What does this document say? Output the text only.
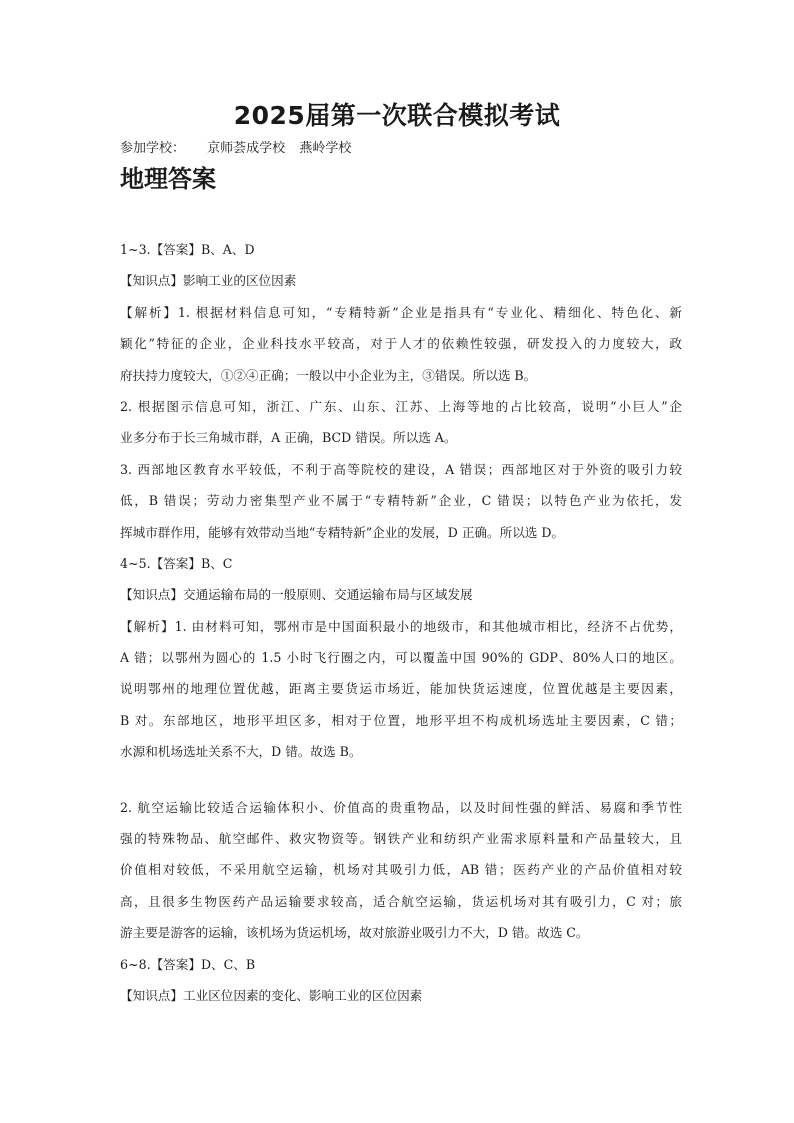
2025届第一次联合模拟考试
参加学校： 京师荟成学校 燕岭学校
地理答案
1~3.【答案】B、A、D
【知识点】影响工业的区位因素
【解析】1. 根据材料信息可知，“专精特新”企业是指具有“专业化、精细化、特色化、新
颖化”特征的企业，企业科技水平较高，对于人才的依赖性较强，研发投入的力度较大，政
府扶持力度较大，①②④正确；一般以中小企业为主，③错误。所以选 B。
2. 根据图示信息可知，浙江、广东、山东、江苏、上海等地的占比较高，说明“小巨人”企
业多分布于长三角城市群，A 正确，BCD 错误。所以选 A。
3. 西部地区教育水平较低，不利于高等院校的建设，A 错误；西部地区对于外资的吸引力较
低，B 错误；劳动力密集型产业不属于“专精特新”企业，C 错误；以特色产业为依托，发
挥城市群作用，能够有效带动当地“专精特新”企业的发展，D 正确。所以选 D。
4~5.【答案】B、C
【知识点】交通运输布局的一般原则、交通运输布局与区域发展
【解析】1. 由材料可知，鄂州市是中国面积最小的地级市，和其他城市相比，经济不占优势，
A 错；以鄂州为圆心的 1.5 小时飞行圈之内，可以覆盖中国 90%的 GDP、80%人口的地区。
说明鄂州的地理位置优越，距离主要货运市场近，能加快货运速度，位置优越是主要因素，
B 对。东部地区，地形平坦区多，相对于位置，地形平坦不构成机场选址主要因素，C 错；
水源和机场选址关系不大，D 错。故选 B。
2. 航空运输比较适合运输体积小、价值高的贵重物品，以及时间性强的鲜活、易腐和季节性
强的特殊物品、航空邮件、救灾物资等。钢铁产业和纺织产业需求原料量和产品量较大，且
价值相对较低，不采用航空运输，机场对其吸引力低，AB 错；医药产业的产品价值相对较
高，且很多生物医药产品运输要求较高，适合航空运输，货运机场对其有吸引力，C 对；旅
游主要是游客的运输，该机场为货运机场，故对旅游业吸引力不大，D 错。故选 C。
6~8.【答案】D、C、B
【知识点】工业区位因素的变化、影响工业的区位因素
